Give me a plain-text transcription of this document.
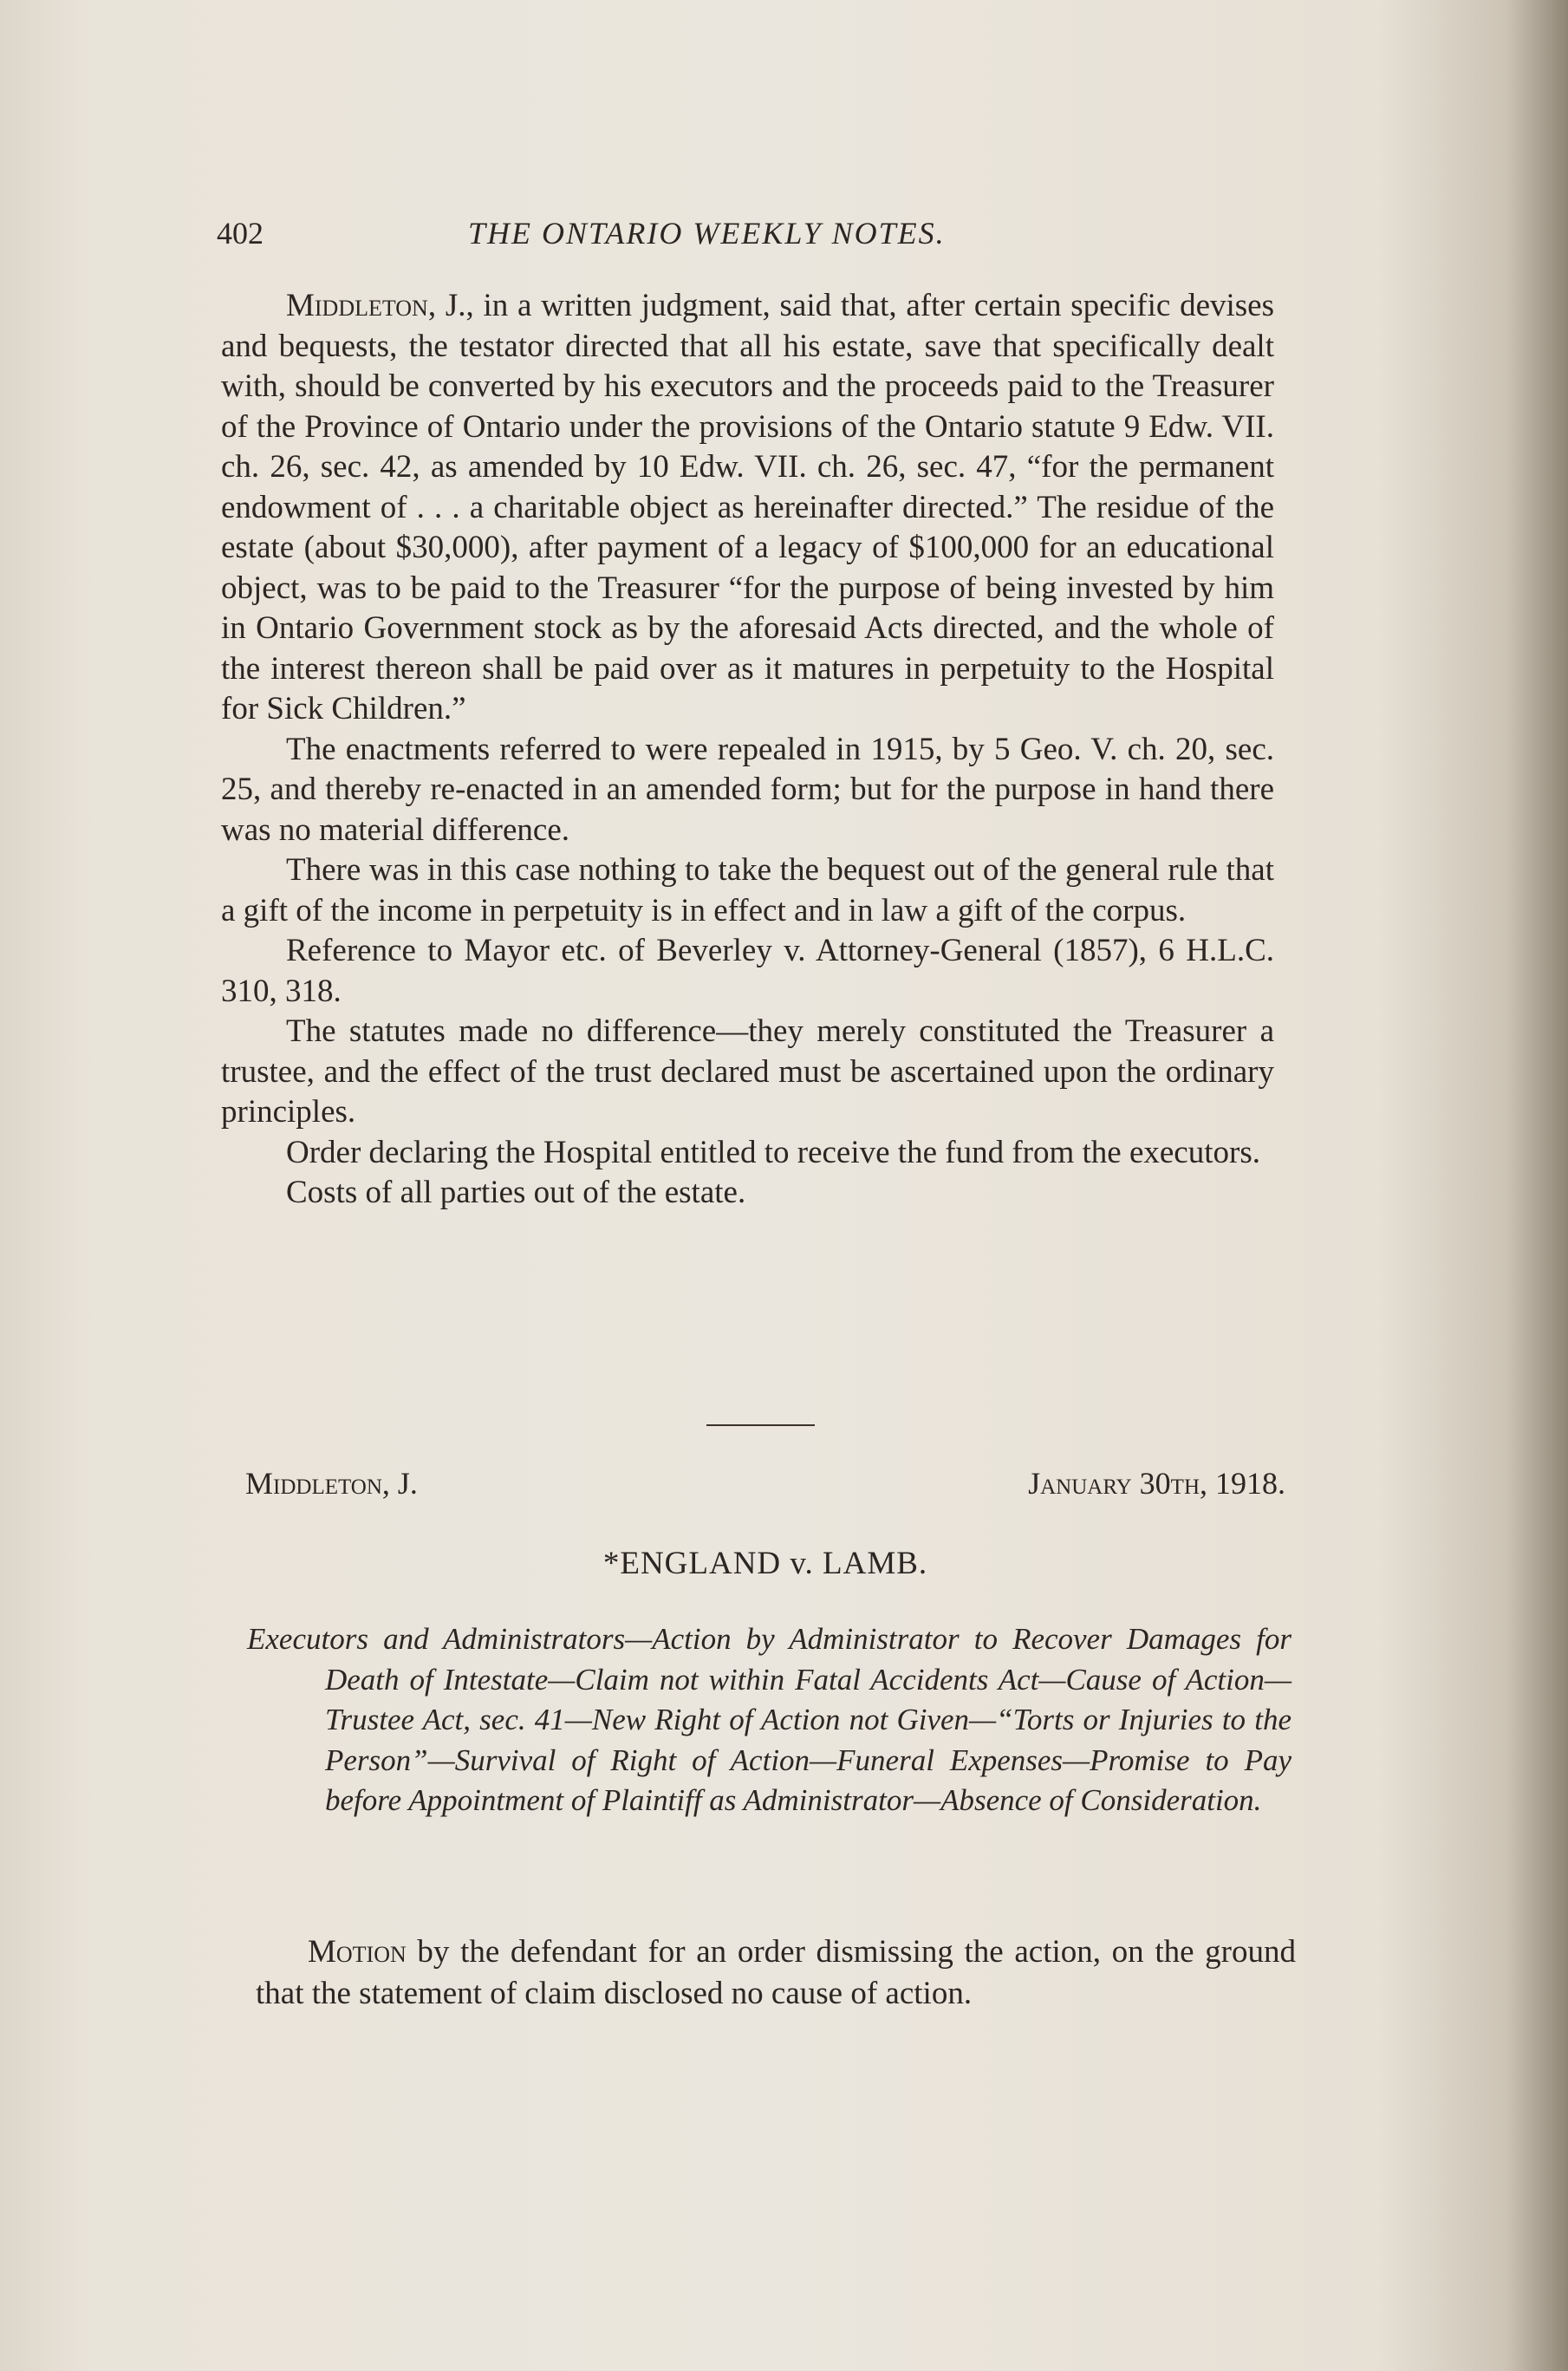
402	THE ONTARIO WEEKLY NOTES.

Middleton, J., in a written judgment, said that, after certain specific devises and bequests, the testator directed that all his estate, save that specifically dealt with, should be converted by his executors and the proceeds paid to the Treasurer of the Province of Ontario under the provisions of the Ontario statute 9 Edw. VII. ch. 26, sec. 42, as amended by 10 Edw. VII. ch. 26, sec. 47, “for the permanent endowment of . . . a charitable object as hereinafter directed.” The residue of the estate (about $30,000), after payment of a legacy of $100,000 for an educational object, was to be paid to the Treasurer “for the purpose of being invested by him in Ontario Government stock as by the aforesaid Acts directed, and the whole of the interest thereon shall be paid over as it matures in perpetuity to the Hospital for Sick Children.”

The enactments referred to were repealed in 1915, by 5 Geo. V. ch. 20, sec. 25, and thereby re-enacted in an amended form; but for the purpose in hand there was no material difference.

There was in this case nothing to take the bequest out of the general rule that a gift of the income in perpetuity is in effect and in law a gift of the corpus.

Reference to Mayor etc. of Beverley v. Attorney-General (1857), 6 H.L.C. 310, 318.

The statutes made no difference—they merely constituted the Treasurer a trustee, and the effect of the trust declared must be ascertained upon the ordinary principles.

Order declaring the Hospital entitled to receive the fund from the executors.

Costs of all parties out of the estate.

Middleton, J.	January 30th, 1918.
*ENGLAND v. LAMB.
Executors and Administrators—Action by Administrator to Recover Damages for Death of Intestate—Claim not within Fatal Accidents Act—Cause of Action—Trustee Act, sec. 41—New Right of Action not Given—“Torts or Injuries to the Person”—Survival of Right of Action—Funeral Expenses—Promise to Pay before Appointment of Plaintiff as Administrator—Absence of Consideration.

Motion by the defendant for an order dismissing the action, on the ground that the statement of claim disclosed no cause of action.
